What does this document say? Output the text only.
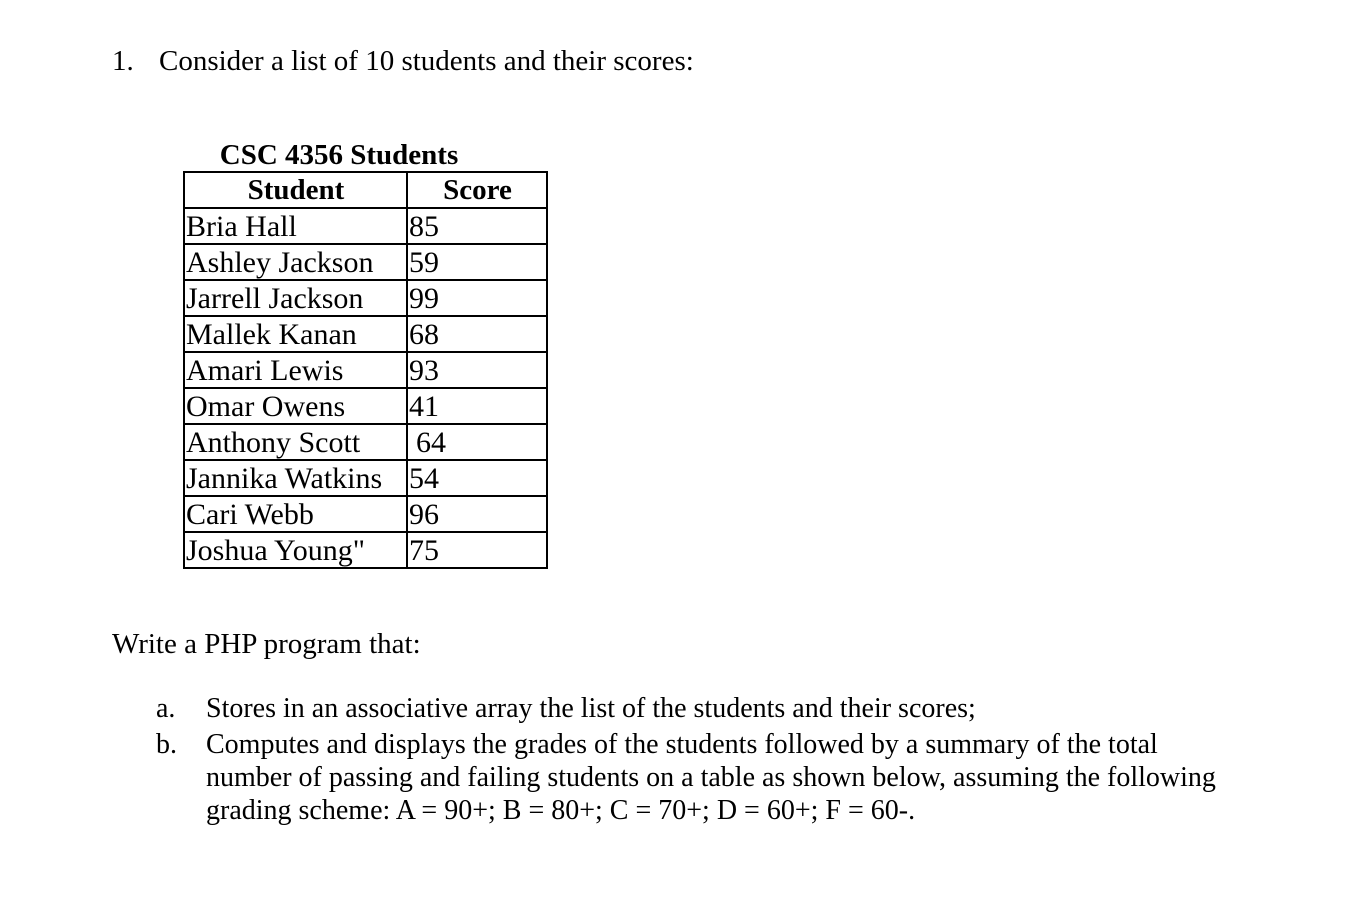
1. Consider a list of 10 students and their scores:
CSC 4356 Students
Student	Score
Bria Hall	85
Ashley Jackson	59
Jarrell Jackson	99
Mallek Kanan	68
Amari Lewis	93
Omar Owens	41
Anthony Scott	64
Jannika Watkins	54
Cari Webb	96
Joshua Young"	75
Write a PHP program that:
a. Stores in an associative array the list of the students and their scores;
b. Computes and displays the grades of the students followed by a summary of the total number of passing and failing students on a table as shown below, assuming the following grading scheme: A = 90+; B = 80+; C = 70+; D = 60+; F = 60-.
